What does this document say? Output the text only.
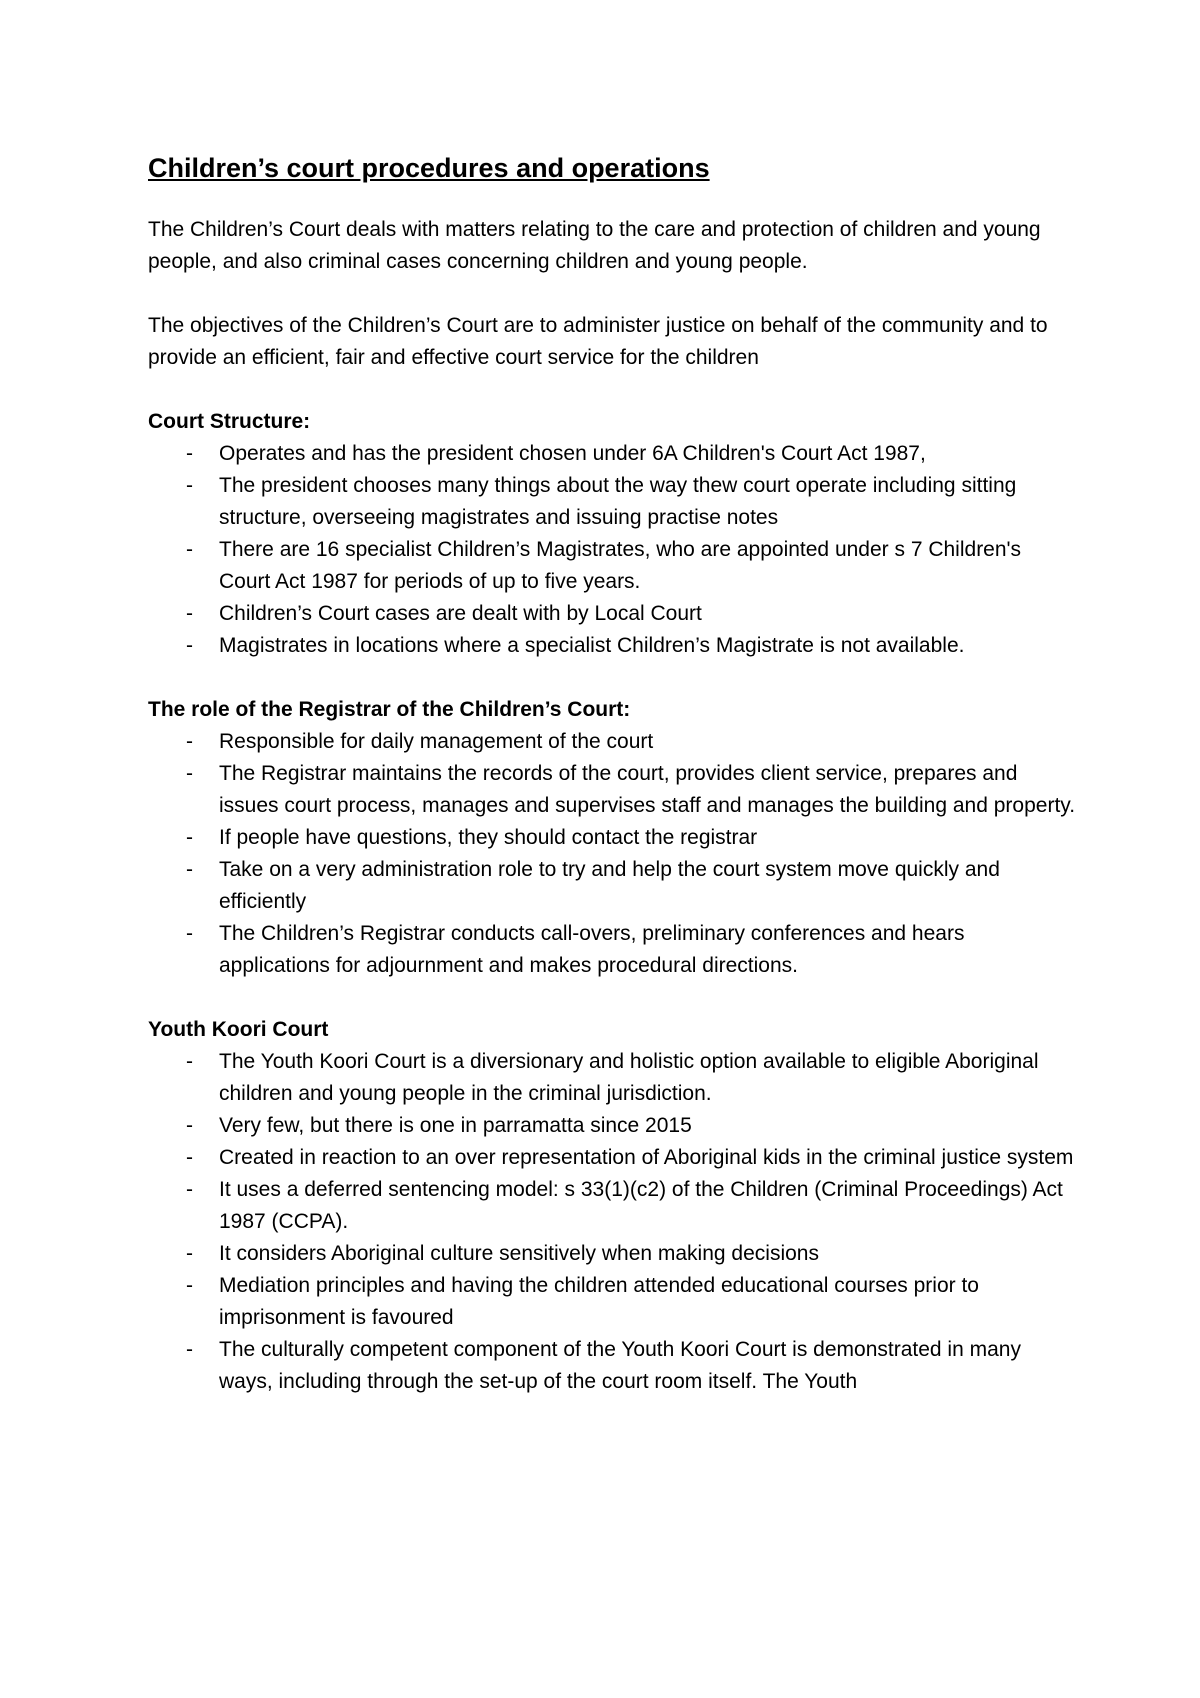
Children’s court procedures and operations

The Children’s Court deals with matters relating to the care and protection of children and young people, and also criminal cases concerning children and young people.

The objectives of the Children’s Court are to administer justice on behalf of the community and to provide an efficient, fair and effective court service for the children

Court Structure:

- Operates and has the president chosen under 6A Children's Court Act 1987,
- The president chooses many things about the way thew court operate including sitting structure, overseeing magistrates and issuing practise notes
- There are 16 specialist Children’s Magistrates, who are appointed under s 7 Children's Court Act 1987 for periods of up to five years.
- Children’s Court cases are dealt with by Local Court
- Magistrates in locations where a specialist Children’s Magistrate is not available.

The role of the Registrar of the Children’s Court:

- Responsible for daily management of the court
- The Registrar maintains the records of the court, provides client service, prepares and issues court process, manages and supervises staff and manages the building and property.
- If people have questions, they should contact the registrar
- Take on a very administration role to try and help the court system move quickly and efficiently
- The Children’s Registrar conducts call-overs, preliminary conferences and hears applications for adjournment and makes procedural directions.

Youth Koori Court

- The Youth Koori Court is a diversionary and holistic option available to eligible Aboriginal children and young people in the criminal jurisdiction.
- Very few, but there is one in parramatta since 2015
- Created in reaction to an over representation of Aboriginal kids in the criminal justice system
- It uses a deferred sentencing model: s 33(1)(c2) of the Children (Criminal Proceedings) Act 1987 (CCPA).
- It considers Aboriginal culture sensitively when making decisions
- Mediation principles and having the children attended educational courses prior to imprisonment is favoured
- The culturally competent component of the Youth Koori Court is demonstrated in many ways, including through the set-up of the court room itself. The Youth
